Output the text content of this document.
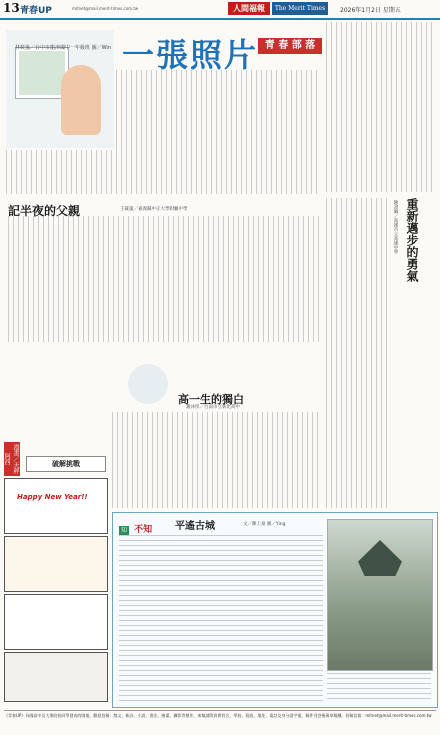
13 青春UP	mitnet@mail.merit-times.com.tw	人間福報	The Merit Times	2026年1月2日 星期五
林筱嵐／台中市龍津國中一年級班 圖／Win 一張照片 青 春 部 落
記半夜的父親	王筱嵐／嘉義縣中正大學附屬中學	重新邁步的勇氣
陳書珮／高雄市立高雄中學
高一生的獨白
謝沐彤／台南市立新化高中
漫畫／天秤阿西	破解挑戰
Happy New Year!!
知 不知 平遙古城	文／陳上豪 圖／Ying
《青春UP》為國高中及大專院校同學發表的園地，歡迎投稿：散文、新詩、小說、書法、繪畫、攝影等創作，來稿請附真實姓名、學校、班級、地址、電話及身分證字號，稿件刊登後薄奉稿酬。投稿信箱：mitnet@mail.merit-times.com.tw
